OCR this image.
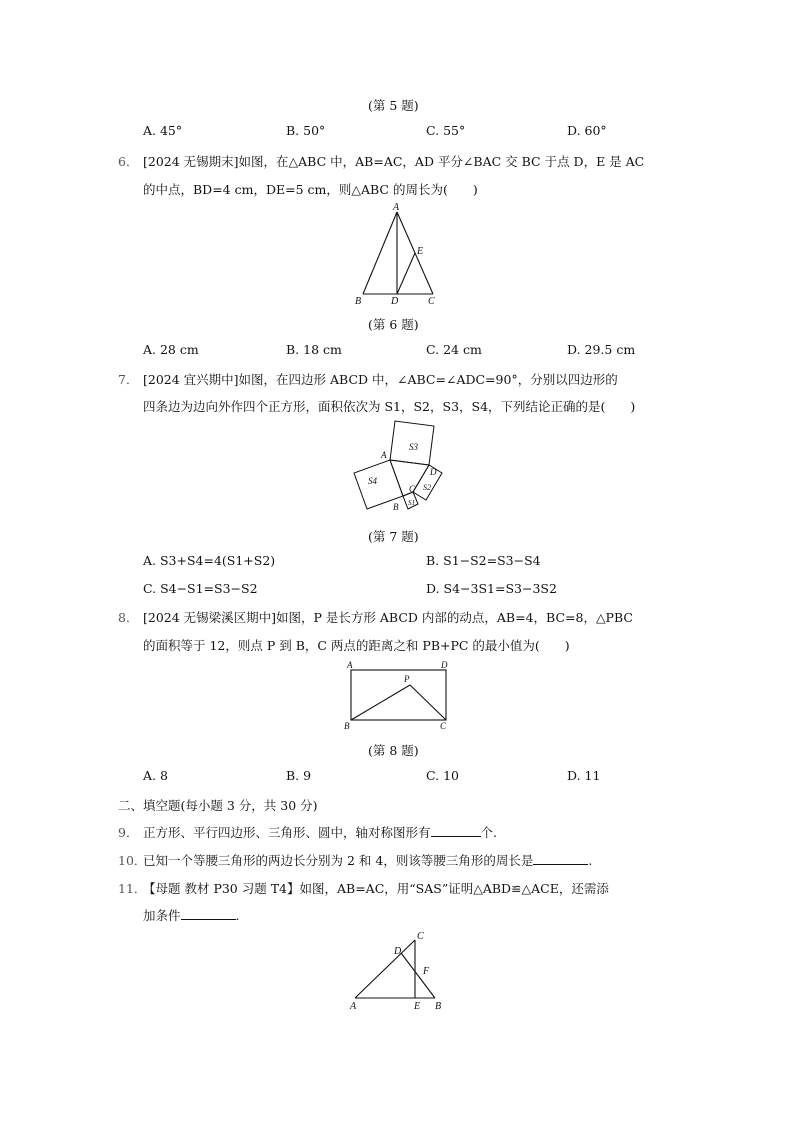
(第 5 题)
A. 45°	B. 50°	C. 55°	D. 60°
6． [2024 无锡期末]如图，在△ABC 中，AB=AC，AD 平分∠BAC 交 BC 于点 D，E 是 AC
的中点，BD=4 cm，DE=5 cm，则△ABC 的周长为(　　)
A
E
B	D	C
(第 6 题)
A. 28 cm	B. 18 cm	C. 24 cm	D. 29.5 cm
7． [2024 宜兴期中]如图，在四边形 ABCD 中，∠ABC=∠ADC=90°，分别以四边形的
四条边为边向外作四个正方形，面积依次为 S1，S2，S3，S4，下列结论正确的是(　　)
S3
A
D
S4
S2
C
B S1
(第 7 题)
A. S3+S4=4(S1+S2)	B. S1−S2=S3−S4
C. S4−S1=S3−S2	D. S4−3S1=S3−3S2
8． [2024 无锡梁溪区期中]如图，P 是长方形 ABCD 内部的动点，AB=4，BC=8，△PBC
的面积等于 12，则点 P 到 B，C 两点的距离之和 PB+PC 的最小值为(　　)
A	D
P
B	C
(第 8 题)
A. 8	B. 9	C. 10	D. 11
二、填空题(每小题 3 分，共 30 分)
9． 正方形、平行四边形、三角形、圆中，轴对称图形有	个.
10．
已知一个等腰三角形的两边长分别为 2 和 4，则该等腰三角形的周长是	.
11．
【母题 教材 P30 习题 T4】如图，AB=AC，用“SAS”证明△ABD≌△ACE，还需添
加条件	.
C
D
F
A	E B
